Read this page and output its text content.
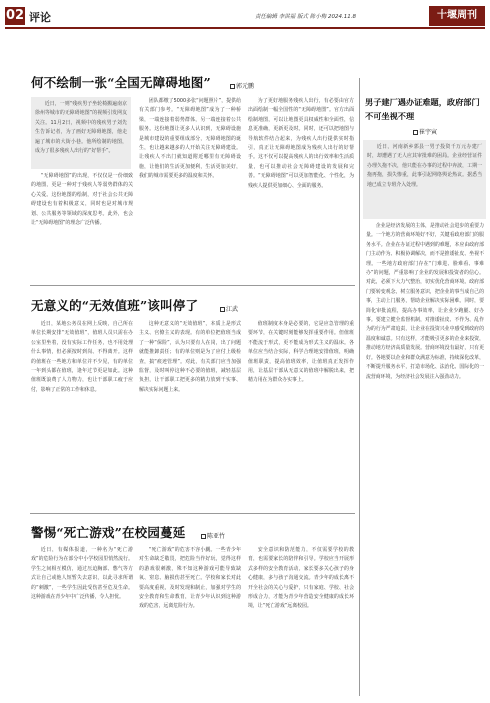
02 评论	责任编辑 李洪福 版式 陈小梅 2024.11.8	十堰周刊
何不绘制一张“全国无障碍地图”	郭元鹏

近日，一则“残疾男子坐轮椅搬遍南京徐州等城市的无障碍地图”的视频引发网友关注。11月2日，视频中的残疾男子刘先生告诉记者，为了画好无障碍地图，他走遍了城市的大街小巷。他所绘制的地图，成为了很多残疾人出行的“好帮手”。

“无障碍地图”的出现，不仅仅是一份细致的地图，更是一种对于残疾人等弱势群体的关心关爱。这份地图的绘制，对于社会公共无障碍建设也有着积极意义，同时也是对城市规划、公共服务等领域的深度思考。此外，也会让“无障碍地图”的理念广泛传播。

团队都缴了5000多张“问题照片”，提供给有关部门参考。“无障碍地图”成为了一种桥梁，一端连接着弱势群体，另一端连接着公共服务。这份地图让更多人认识到，无障碍设施是城市建设的重要组成部分，无障碍地图的诞生，也让越来越多的人开始关注无障碍建设。让残疾人不出门就知道附近哪里有无障碍设施，让他们的生活更加便利，生活更加美好，我们的城市需要更多的温度和关怀。

为了更好地服务残疾人出行，有必要由官方出面绘制一幅全国性的“无障碍地图”。官方出面绘制地图，可以让地图更具权威性和全面性，信息更准确，更新更及时。同时，还可以把地图与导航软件结合起来，为残疾人出行提供实时指引，真正让无障碍地图成为残疾人出行的好帮手。这不仅可以提高残疾人的出行效率和生活质量，也可以推动社会无障碍建设的发展和完善。“无障碍地图”可以更加智能化、个性化，为残疾人提供更加细心、全面的服务。

无意义的“无效值班”该叫停了	江武

近日，某地公务员在网上反映，自己所在单位长期安排“无效值班”，值班人员只需在办公室里坐着，没有实际工作任务，也不用处理什么事情，但必须按时到岗、不得离开。这样的值班在一些地方和单位并不少见，有的单位一年到头都在值班，逢年过节更是如此。这种值班既浪费了人力物力，也让干部职工疲于应付，影响了正常的工作和休息。

这种无意义的“无效值班”，本质上是形式主义、官僚主义的表现。有的单位把值班当成了一种“保险”，认为只要有人在岗，出了问题就能推卸责任；有的单位则是为了应付上级检查，搞“痕迹管理”。对此，有关部门应当加强监督，及时叫停这种不必要的值班，减轻基层负担，让干部职工把更多的精力放到干实事、解决实际问题上来。

值班制度本身是必要的，它是应急管理的重要环节，在关键时刻能够发挥重要作用。但值班不能流于形式，更不能成为形式主义的温床。各单位应当结合实际，科学合理地安排值班，明确值班职责，提高值班效率，让值班真正发挥作用，让基层干部从无意义的值班中解脱出来，把精力用在为群众办实事上。

警惕“死亡游戏”在校园蔓延	陈亚竹

近日，有媒体报道，一种名为“死亡游戏”的危险行为在部分中小学校园里悄然流行。学生之间相互模仿，通过压迫胸部、憋气等方式让自己或他人短暂失去意识，以此寻求所谓的“刺激”，一些学生因此受伤甚至危及生命。这种游戏在青少年中广泛传播，令人担忧。

“死亡游戏”的危害不容小觑。一些青少年对生命缺乏敬畏，把危险当作好玩，觉得这样的游戏很刺激，殊不知这种游戏可能导致缺氧、窒息、脑损伤甚至死亡。学校和家长对此要高度重视，及时发现和制止，加强对学生的安全教育和生命教育，让青少年认识到这种游戏的危害，远离危险行为。

安全意识和防范能力，不仅需要学校的教育，也需要家长的陪伴和引导。学校应当开展形式多样的安全教育活动，家长要多关心孩子的身心健康，多与孩子沟通交流。青少年的成长离不开全社会的关心与爱护，只有家庭、学校、社会形成合力，才能为青少年营造安全健康的成长环境，让“死亡游戏”远离校园。

男子建厂遇办证难题，政府部门不可坐视不理
崔宇寅

近日，河南新乡郭县一男子投资千万元办建厂时，却遭遇了无人应其审批难的困局。企业经营证件办理久拖不决，他只能在办事的过程中奔波，工期一拖再拖，损失惨重，此事引起网络舆论热议。据悉当地已成立专班介入处理。

企业是经济发展的主体，是推动社会进步的重要力量。一个地方的营商环境好不好，关键看政府部门的服务水平。企业在办证过程中遇到的难题，本应由政府部门主动作为、积极协调解决，而不是推诿扯皮、坐视不理。一些地方政府部门存在“门难进、脸难看、事难办”的问题，严重影响了企业的发展和投资者的信心。对此，必须下大力气整治，切实优化营商环境。政府部门要转变观念，树立服务意识，把企业的事当成自己的事，主动上门服务，帮助企业解决实际困难。同时，要简化审批流程，提高办事效率，让企业少跑腿、好办事。要建立健全监督机制，对推诿扯皮、不作为、乱作为的行为严肃追责，让企业在投资兴业中感受到政府的温度和诚意。只有这样，才能吸引更多的企业来投资，推动地方经济高质量发展。营商环境没有最好，只有更好。各地要以企业和群众满意为标准，持续深化改革，不断提升服务水平，打造市场化、法治化、国际化的一流营商环境，为经济社会发展注入强劲动力。
